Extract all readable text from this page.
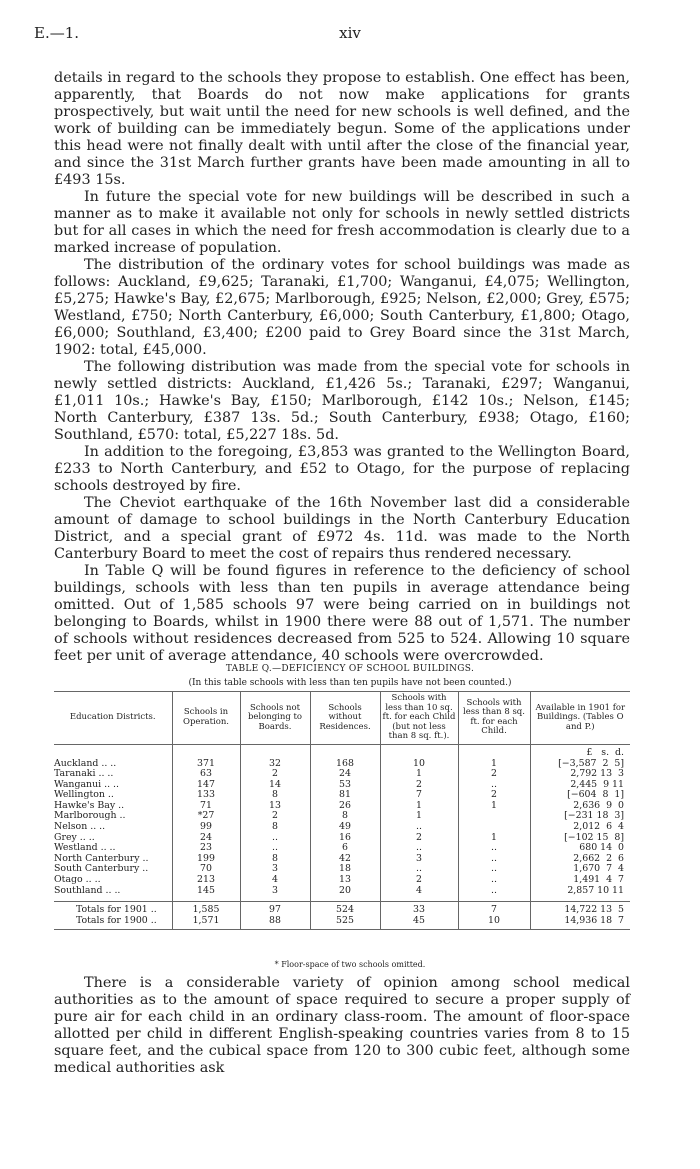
E.—1.	xiv

details in regard to the schools they propose to establish. One effect has been, apparently, that Boards do not now make applications for grants prospectively, but wait until the need for new schools is well defined, and the work of building can be immediately begun. Some of the applications under this head were not finally dealt with until after the close of the financial year, and since the 31st March further grants have been made amounting in all to £493 15s.

In future the special vote for new buildings will be described in such a manner as to make it available not only for schools in newly settled districts but for all cases in which the need for fresh accommodation is clearly due to a marked increase of population.

The distribution of the ordinary votes for school buildings was made as follows: Auckland, £9,625; Taranaki, £1,700; Wanganui, £4,075; Wellington, £5,275; Hawke's Bay, £2,675; Marlborough, £925; Nelson, £2,000; Grey, £575; Westland, £750; North Canterbury, £6,000; South Canterbury, £1,800; Otago, £6,000; Southland, £3,400; £200 paid to Grey Board since the 31st March, 1902: total, £45,000.

The following distribution was made from the special vote for schools in newly settled districts: Auckland, £1,426 5s.; Taranaki, £297; Wanganui, £1,011 10s.; Hawke's Bay, £150; Marlborough, £142 10s.; Nelson, £145; North Canterbury, £387 13s. 5d.; South Canterbury, £938; Otago, £160; Southland, £570: total, £5,227 18s. 5d.

In addition to the foregoing, £3,853 was granted to the Wellington Board, £233 to North Canterbury, and £52 to Otago, for the purpose of replacing schools destroyed by fire.

The Cheviot earthquake of the 16th November last did a considerable amount of damage to school buildings in the North Canterbury Education District, and a special grant of £972 4s. 11d. was made to the North Canterbury Board to meet the cost of repairs thus rendered necessary.

In Table Q will be found figures in reference to the deficiency of school buildings, schools with less than ten pupils in average attendance being omitted. Out of 1,585 schools 97 were being carried on in buildings not belonging to Boards, whilst in 1900 there were 88 out of 1,571. The number of schools without residences decreased from 525 to 524. Allowing 10 square feet per unit of average attendance, 40 schools were overcrowded.

TABLE Q.—DEFICIENCY OF SCHOOL BUILDINGS.
(In this table schools with less than ten pupils have not been counted.)
Education Districts.	Schools in Operation.	Schools not belonging to Boards.	Schools without Residences.	Schools with less than 10 sq. ft. for each Child (but not less than 8 sq. ft.).	Schools with less than 8 sq. ft. for each Child.	Available in 1901 for Buildings. (Tables O and P.)
						£   s.  d.
Auckland .. ..	371	32	168	10	1	[−3,587  2  5]
Taranaki .. ..	63	2	24	1	2	2,792 13  3
Wanganui .. ..	147	14	53	2	..	2,445  9 11
Wellington ..	133	8	81	7	2	[−604  8  1]
Hawke's Bay ..	71	13	26	1	1	2,636  9  0
Marlborough ..	*27	2	8	1		[−231 18  3]
Nelson .. ..	99	8	49	..		2,012  6  4
Grey .. ..	24	..	16	2	1	[−102 15  8]
Westland .. ..	23	..	6	..	..	680 14  0
North Canterbury ..	199	8	42	3	..	2,662  2  6
South Canterbury ..	70	3	18	..	..	1,670  7  4
Otago .. ..	213	4	13	2	..	1,491  4  7
Southland .. ..	145	3	20	4	..	2,857 10 11

Totals for 1901 ..	1,585	97	524	33	7	14,722 13  5
Totals for 1900 ..	1,571	88	525	45	10	14,936 18  7
* Floor-space of two schools omitted.

There is a considerable variety of opinion among school medical authorities as to the amount of space required to secure a proper supply of pure air for each child in an ordinary class-room. The amount of floor-space allotted per child in different English-speaking countries varies from 8 to 15 square feet, and the cubical space from 120 to 300 cubic feet, although some medical authorities ask
